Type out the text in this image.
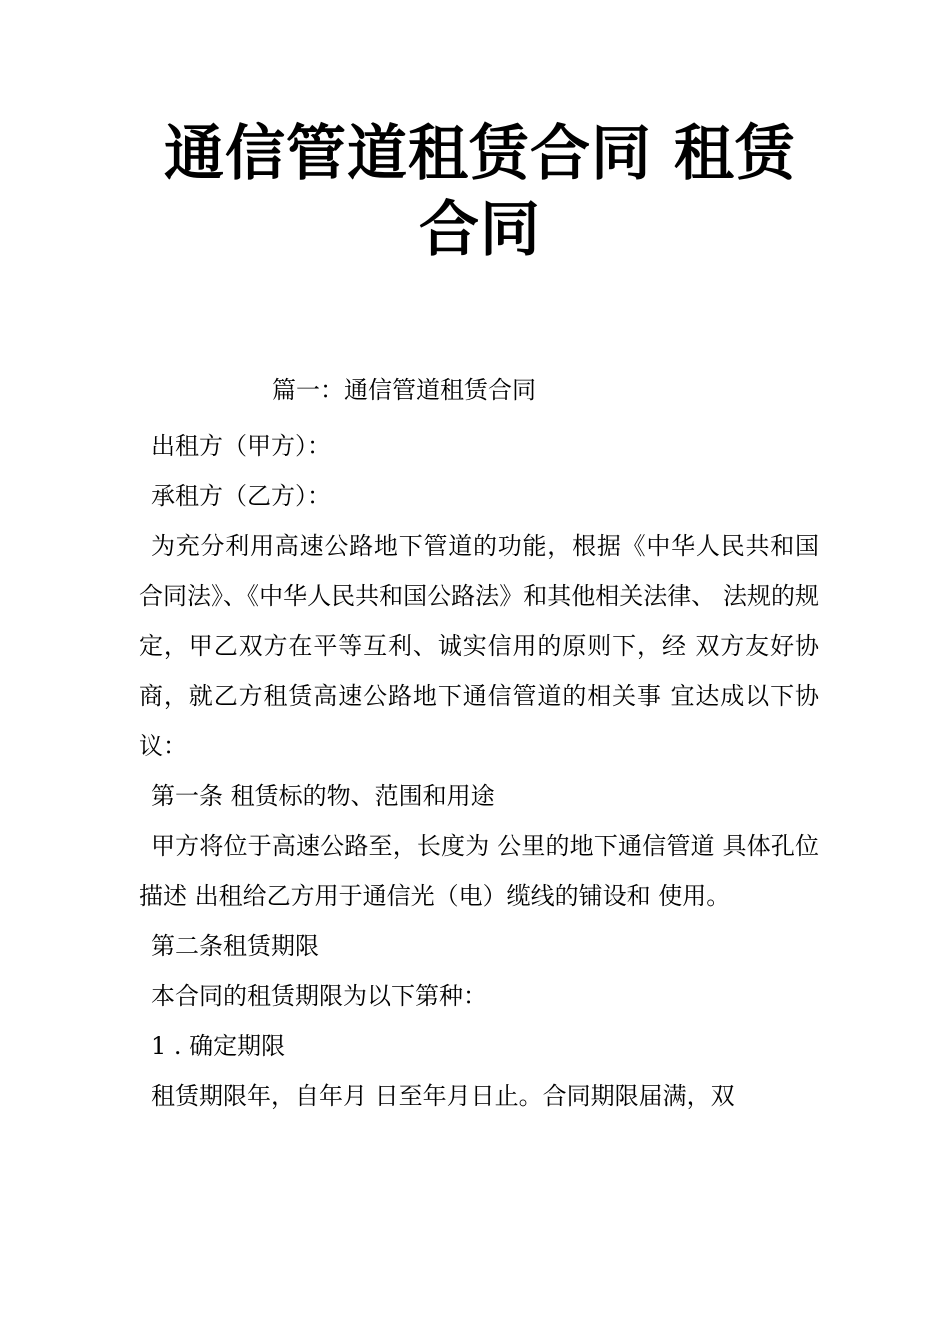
通信管道租赁合同 租赁
合同

篇一：通信管道租赁合同

出租方（甲方）：

承租方（乙方）：

为充分利用高速公路地下管道的功能，根据《中华人民共和国合同法》、《中华人民共和国公路法》和其他相关法律、 法规的规定，甲乙双方在平等互利、诚实信用的原则下，经 双方友好协商，就乙方租赁高速公路地下通信管道的相关事 宜达成以下协议：

第一条 租赁标的物、范围和用途

甲方将位于高速公路至，长度为 公里的地下通信管道 具体孔位描述 出租给乙方用于通信光（电）缆线的铺设和 使用。

第二条租赁期限

本合同的租赁期限为以下第种：

1 . 确定期限

租赁期限年，自年月 日至年月日止。合同期限届满，双
